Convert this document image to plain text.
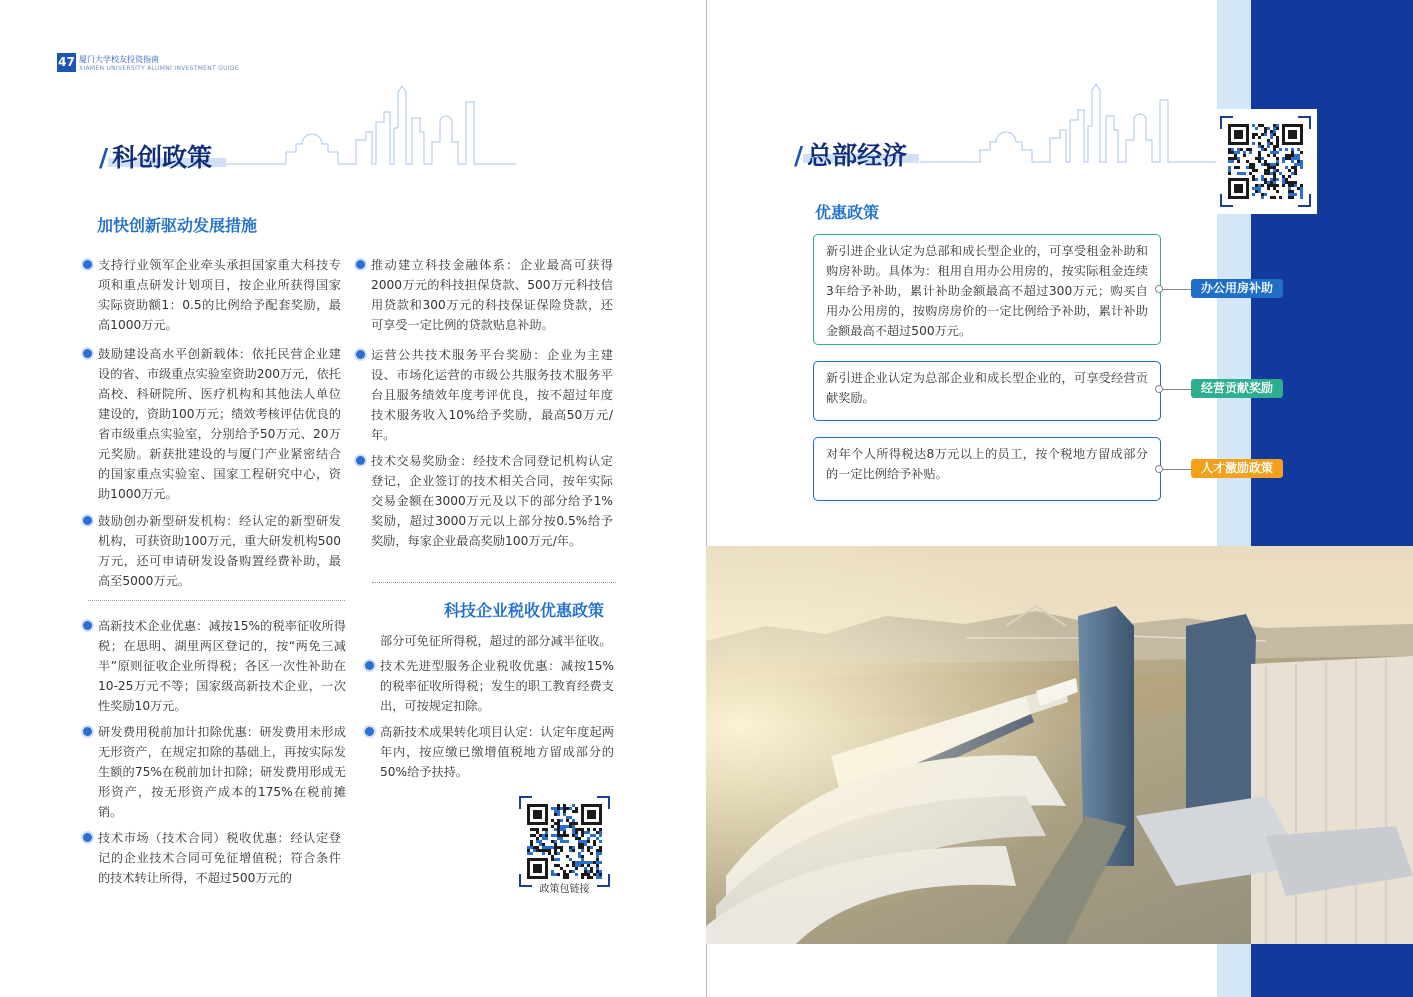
47 厦门大学校友投资指南
XIAMEN UNIVERSITY ALUMNI INVESTMENT GUIDE
/ 科创政策
加快创新驱动发展措施
支持行业领军企业牵头承担国家重大科技专项和重点研发计划项目，按企业所获得国家实际资助额1：0.5的比例给予配套奖励，最高1000万元。
鼓励建设高水平创新载体：依托民营企业建设的省、市级重点实验室资助200万元，依托高校、科研院所、医疗机构和其他法人单位建设的，资助100万元；绩效考核评估优良的省市级重点实验室，分别给予50万元、20万元奖励。新获批建设的与厦门产业紧密结合的国家重点实验室、国家工程研究中心，资助1000万元。
鼓励创办新型研发机构：经认定的新型研发机构，可获资助100万元，重大研发机构500万元，还可申请研发设备购置经费补助，最高至5000万元。
高新技术企业优惠：减按15%的税率征收所得税；在思明、湖里两区登记的，按“两免三减半”原则征收企业所得税；各区一次性补助在10-25万元不等；国家级高新技术企业，一次性奖励10万元。
研发费用税前加计扣除优惠：研发费用未形成无形资产，在规定扣除的基础上，再按实际发生额的75%在税前加计扣除；研发费用形成无形资产，按无形资产成本的175%在税前摊销。
技术市场（技术合同）税收优惠：经认定登记的企业技术合同可免征增值税；符合条件的技术转让所得，不超过500万元的
推动建立科技金融体系：企业最高可获得2000万元的科技担保贷款、500万元科技信用贷款和300万元的科技保证保险贷款，还可享受一定比例的贷款贴息补助。
运营公共技术服务平台奖励：企业为主建设、市场化运营的市级公共服务技术服务平台且服务绩效年度考评优良，按不超过年度技术服务收入10%给予奖励，最高50万元/年。
技术交易奖励金：经技术合同登记机构认定登记，企业签订的技术相关合同，按年实际交易金额在3000万元及以下的部分给予1%奖励，超过3000万元以上部分按0.5%给予奖励，每家企业最高奖励100万元/年。
科技企业税收优惠政策
部分可免征所得税，超过的部分减半征收。
技术先进型服务企业税收优惠：减按15%的税率征收所得税；发生的职工教育经费支出，可按规定扣除。
高新技术成果转化项目认定：认定年度起两年内，按应缴已缴增值税地方留成部分的50%给予扶持。
政策包链接
/ 总部经济
优惠政策
新引进企业认定为总部和成长型企业的，可享受租金补助和购房补助。具体为：租用自用办公用房的，按实际租金连续3年给予补助，累计补助金额最高不超过300万元；购买自用办公用房的，按购房房价的一定比例给予补助，累计补助金额最高不超过500万元。
办公用房补助
新引进企业认定为总部企业和成长型企业的，可享受经营贡献奖励。
经营贡献奖励
对年个人所得税达8万元以上的员工，按个税地方留成部分的一定比例给予补贴。	人才激励政策
